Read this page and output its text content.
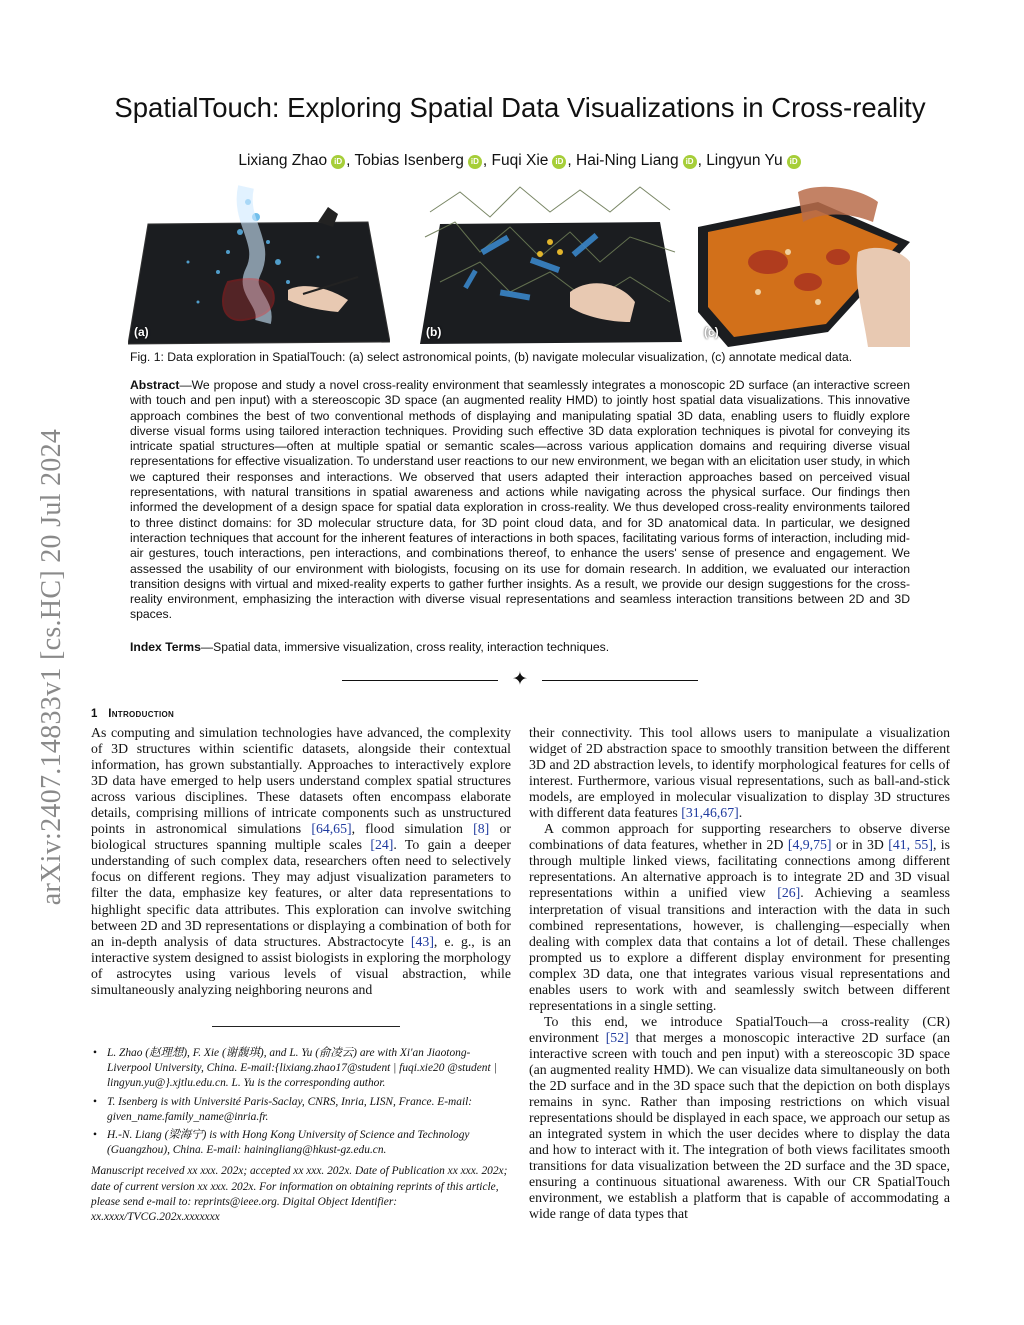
arXiv:2407.14833v1 [cs.HC] 20 Jul 2024
SpatialTouch: Exploring Spatial Data Visualizations in Cross-reality
Lixiang Zhao iD , Tobias Isenberg iD , Fuqi Xie iD , Hai-Ning Liang iD , Lingyun Yu iD
(a)	(b)	(c)
Fig. 1: Data exploration in SpatialTouch: (a) select astronomical points, (b) navigate molecular visualization, (c) annotate medical data.
Abstract—We propose and study a novel cross-reality environment that seamlessly integrates a monoscopic 2D surface (an interactive screen with touch and pen input) with a stereoscopic 3D space (an augmented reality HMD) to jointly host spatial data visualizations. This innovative approach combines the best of two conventional methods of displaying and manipulating spatial 3D data, enabling users to fluidly explore diverse visual forms using tailored interaction techniques. Providing such effective 3D data exploration techniques is pivotal for conveying its intricate spatial structures—often at multiple spatial or semantic scales—across various application domains and requiring diverse visual representations for effective visualization. To understand user reactions to our new environment, we began with an elicitation user study, in which we captured their responses and interactions. We observed that users adapted their interaction approaches based on perceived visual representations, with natural transitions in spatial awareness and actions while navigating across the physical surface. Our findings then informed the development of a design space for spatial data exploration in cross-reality. We thus developed cross-reality environments tailored to three distinct domains: for 3D molecular structure data, for 3D point cloud data, and for 3D anatomical data. In particular, we designed interaction techniques that account for the inherent features of interactions in both spaces, facilitating various forms of interaction, including mid-air gestures, touch interactions, pen interactions, and combinations thereof, to enhance the users' sense of presence and engagement. We assessed the usability of our environment with biologists, focusing on its use for domain research. In addition, we evaluated our interaction transition designs with virtual and mixed-reality experts to gather further insights. As a result, we provide our design suggestions for the cross-reality environment, emphasizing the interaction with diverse visual representations and seamless interaction transitions between 2D and 3D spaces.
Index Terms—Spatial data, immersive visualization, cross reality, interaction techniques.
✦
1 Introduction

As computing and simulation technologies have advanced, the complexity of 3D structures within scientific datasets, alongside their contextual information, has grown substantially. Approaches to interactively explore 3D data have emerged to help users understand complex spatial structures across various disciplines. These datasets often encompass elaborate details, comprising millions of intricate components such as unstructured points in astronomical simulations [64,65], flood simulation [8] or biological structures spanning multiple scales [24]. To gain a deeper understanding of such complex data, researchers often need to selectively focus on different regions. They may adjust visualization parameters to filter the data, emphasize key features, or alter data representations to highlight specific data attributes. This exploration can involve switching between 2D and 3D representations or displaying a combination of both for an in-depth analysis of data structures. Abstractocyte [43], e. g., is an interactive system designed to assist biologists in exploring the morphology of astrocytes using various levels of visual abstraction, while simultaneously analyzing neighboring neurons and

their connectivity. This tool allows users to manipulate a visualization widget of 2D abstraction space to smoothly transition between the different 3D and 2D abstraction levels, to identify morphological features for cells of interest. Furthermore, various visual representations, such as ball-and-stick models, are employed in molecular visualization to display 3D structures with different data features [31,46,67].

A common approach for supporting researchers to observe diverse combinations of data features, whether in 2D [4,9,75] or in 3D [41, 55], is through multiple linked views, facilitating connections among different representations. An alternative approach is to integrate 2D and 3D visual representations within a unified view [26]. Achieving a seamless interpretation of visual transitions and interaction with the data in such combined representations, however, is challenging—especially when dealing with complex data that contains a lot of detail. These challenges prompted us to explore a different display environment for presenting complex 3D data, one that integrates various visual representations and enables users to work with and seamlessly switch between different representations in a single setting.

To this end, we introduce SpatialTouch—a cross-reality (CR) environment [52] that merges a monoscopic interactive 2D surface (an interactive screen with touch and pen input) with a stereoscopic 3D space (an augmented reality HMD). We can visualize data simultaneously on both the 2D surface and in the 3D space such that the depiction on both displays remains in sync. Rather than imposing restrictions on which visual representations should be displayed in each space, we approach our setup as an integrated system in which the user decides where to display the data and how to interact with it. The integration of both views facilitates smooth transitions for data visualization between the 2D surface and the 3D space, ensuring a continuous situational awareness. With our CR SpatialTouch environment, we establish a platform that is capable of accommodating a wide range of data types that

• L. Zhao (赵理想), F. Xie (谢馥琪), and L. Yu (俞凌云) are with Xi'an Jiaotong-Liverpool University, China. E-mail:{lixiang.zhao17@student | fuqi.xie20 @student | lingyun.yu@}.xjtlu.edu.cn. L. Yu is the corresponding author.
• T. Isenberg is with Université Paris-Saclay, CNRS, Inria, LISN, France. E-mail: given_name.family_name@inria.fr.
• H.-N. Liang (梁海宁) is with Hong Kong University of Science and Technology (Guangzhou), China. E-mail: hainingliang@hkust-gz.edu.cn.
Manuscript received xx xxx. 202x; accepted xx xxx. 202x. Date of Publication xx xxx. 202x; date of current version xx xxx. 202x. For information on obtaining reprints of this article, please send e-mail to: reprints@ieee.org. Digital Object Identifier: xx.xxxx/TVCG.202x.xxxxxxx
